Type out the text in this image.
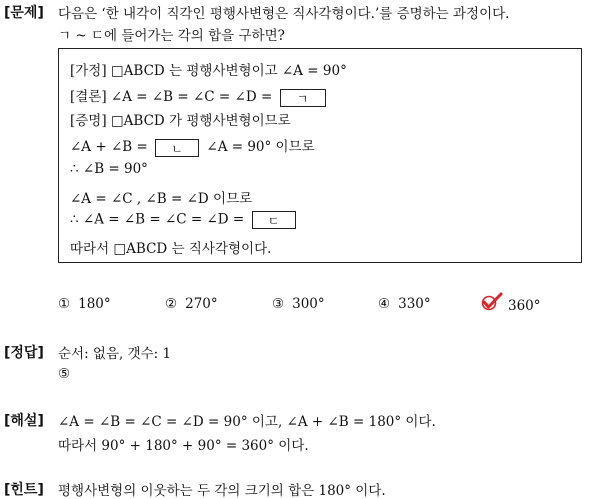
[문제] 다음은 ‘한 내각이 직각인 평행사변형은 직사각형이다.’를 증명하는 과정이다.
ㄱ ~ ㄷ에 들어가는 각의 합을 구하면?
[가정] □ABCD 는 평행사변형이고 ∠A = 90°
[결론] ∠A = ∠B = ∠C = ∠D = ㄱ
[증명] □ABCD 가 평행사변형이므로
∠A + ∠B = ㄴ ∠A = 90° 이므로
∴ ∠B = 90°
∠A = ∠C , ∠B = ∠D 이므로
∴ ∠A = ∠B = ∠C = ∠D = ㄷ
따라서 □ABCD 는 직사각형이다.
① 180°	② 270°	③ 300°	④ 330°	360°
[정답] 순서: 없음, 갯수: 1
⑤
[해설] ∠A = ∠B = ∠C = ∠D = 90° 이고, ∠A + ∠B = 180° 이다.
따라서 90° + 180° + 90° = 360° 이다.
[힌트] 평행사변형의 이웃하는 두 각의 크기의 합은 180° 이다.
